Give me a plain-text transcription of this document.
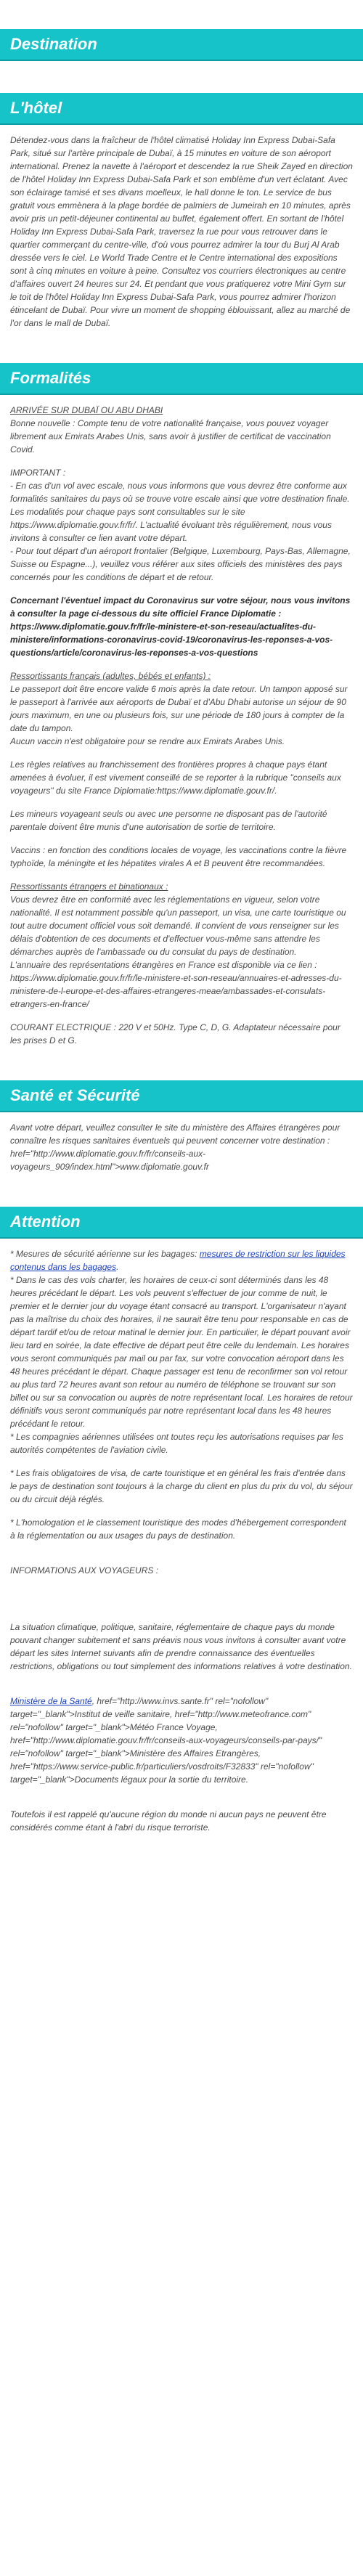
Destination
L'hôtel

Détendez-vous dans la fraîcheur de l'hôtel climatisé Holiday Inn Express Dubai-Safa Park, situé sur l'artère principale de Dubaï, à 15 minutes en voiture de son aéroport international. Prenez la navette à l'aéroport et descendez la rue Sheik Zayed en direction de l'hôtel Holiday Inn Express Dubai-Safa Park et son emblème d'un vert éclatant. Avec son éclairage tamisé et ses divans moelleux, le hall donne le ton. Le service de bus gratuit vous emmènera à la plage bordée de palmiers de Jumeirah en 10 minutes, après avoir pris un petit-déjeuner continental au buffet, également offert. En sortant de l'hôtel Holiday Inn Express Dubai-Safa Park, traversez la rue pour vous retrouver dans le quartier commerçant du centre-ville, d'où vous pourrez admirer la tour du Burj Al Arab dressée vers le ciel. Le World Trade Centre et le Centre international des expositions sont à cinq minutes en voiture à peine. Consultez vos courriers électroniques au centre d'affaires ouvert 24 heures sur 24. Et pendant que vous pratiquerez votre Mini Gym sur le toit de l'hôtel Holiday Inn Express Dubai-Safa Park, vous pourrez admirer l'horizon étincelant de Dubaï. Pour vivre un moment de shopping éblouissant, allez au marché de l'or dans le mall de Dubaï.

Formalités

ARRIVÉE SUR DUBAÏ OU ABU DHABI
Bonne nouvelle : Compte tenu de votre nationalité française, vous pouvez voyager librement aux Emirats Arabes Unis, sans avoir à justifier de certificat de vaccination Covid.

IMPORTANT :
- En cas d'un vol avec escale, nous vous informons que vous devrez être conforme aux formalités sanitaires du pays où se trouve votre escale ainsi que votre destination finale.
Les modalités pour chaque pays sont consultables sur le site https://www.diplomatie.gouv.fr/fr/. L'actualité évoluant très régulièrement, nous vous invitons à consulter ce lien avant votre départ.
- Pour tout départ d'un aéroport frontalier (Belgique, Luxembourg, Pays-Bas, Allemagne, Suisse ou Espagne...), veuillez vous référer aux sites officiels des ministères des pays concernés pour les conditions de départ et de retour.

Concernant l'éventuel impact du Coronavirus sur votre séjour, nous vous invitons à consulter la page ci-dessous du site officiel France Diplomatie : https://www.diplomatie.gouv.fr/fr/le-ministere-et-son-reseau/actualites-du-ministere/informations-coronavirus-covid-19/coronavirus-les-reponses-a-vos-questions/article/coronavirus-les-reponses-a-vos-questions

Ressortissants français (adultes, bébés et enfants) :
Le passeport doit être encore valide 6 mois après la date retour. Un tampon apposé sur le passeport à l'arrivée aux aéroports de Dubaï et d'Abu Dhabi autorise un séjour de 90 jours maximum, en une ou plusieurs fois, sur une période de 180 jours à compter de la date du tampon.
Aucun vaccin n'est obligatoire pour se rendre aux Emirats Arabes Unis.

Les règles relatives au franchissement des frontières propres à chaque pays étant amenées à évoluer, il est vivement conseillé de se reporter à la rubrique "conseils aux voyageurs" du site France Diplomatie:https://www.diplomatie.gouv.fr/.

Les mineurs voyageant seuls ou avec une personne ne disposant pas de l'autorité parentale doivent être munis d'une autorisation de sortie de territoire.

Vaccins : en fonction des conditions locales de voyage, les vaccinations contre la fièvre typhoïde, la méningite et les hépatites virales A et B peuvent être recommandées.

Ressortissants étrangers et binationaux :
Vous devrez être en conformité avec les réglementations en vigueur, selon votre nationalité. Il est notamment possible qu'un passeport, un visa, une carte touristique ou tout autre document officiel vous soit demandé. Il convient de vous renseigner sur les délais d'obtention de ces documents et d'effectuer vous-même sans attendre les démarches auprès de l'ambassade ou du consulat du pays de destination.
L'annuaire des représentations étrangères en France est disponible via ce lien : https://www.diplomatie.gouv.fr/fr/le-ministere-et-son-reseau/annuaires-et-adresses-du-ministere-de-l-europe-et-des-affaires-etrangeres-meae/ambassades-et-consulats-etrangers-en-france/

COURANT ELECTRIQUE : 220 V et 50Hz. Type C, D, G. Adaptateur nécessaire pour les prises D et G.

Santé et Sécurité

Avant votre départ, veuillez consulter le site du ministère des Affaires étrangères pour connaître les risques sanitaires éventuels qui peuvent concerner votre destination : href="http://www.diplomatie.gouv.fr/fr/conseils-aux-voyageurs_909/index.html">www.diplomatie.gouv.fr

Attention

* Mesures de sécurité aérienne sur les bagages: mesures de restriction sur les liquides contenus dans les bagages.
* Dans le cas des vols charter, les horaires de ceux-ci sont déterminés dans les 48 heures précédant le départ. Les vols peuvent s'effectuer de jour comme de nuit, le premier et le dernier jour du voyage étant consacré au transport. L'organisateur n'ayant pas la maîtrise du choix des horaires, il ne saurait être tenu pour responsable en cas de départ tardif et/ou de retour matinal le dernier jour. En particulier, le départ pouvant avoir lieu tard en soirée, la date effective de départ peut être celle du lendemain. Les horaires vous seront communiqués par mail ou par fax, sur votre convocation aéroport dans les 48 heures précédant le départ. Chaque passager est tenu de reconfirmer son vol retour au plus tard 72 heures avant son retour au numéro de téléphone se trouvant sur son billet ou sur sa convocation ou auprès de notre représentant local. Les horaires de retour définitifs vous seront communiqués par notre représentant local dans les 48 heures précédant le retour.
* Les compagnies aériennes utilisées ont toutes reçu les autorisations requises par les autorités compétentes de l'aviation civile.

* Les frais obligatoires de visa, de carte touristique et en général les frais d'entrée dans le pays de destination sont toujours à la charge du client en plus du prix du vol, du séjour ou du circuit déjà réglés.

* L'homologation et le classement touristique des modes d'hébergement correspondent à la réglementation ou aux usages du pays de destination.

INFORMATIONS AUX VOYAGEURS :

La situation climatique, politique, sanitaire, réglementaire de chaque pays du monde pouvant changer subitement et sans préavis nous vous invitons à consulter avant votre départ les sites Internet suivants afin de prendre connaissance des éventuelles restrictions, obligations ou tout simplement des informations relatives à votre destination.

Ministère de la Santé, href="http://www.invs.sante.fr" rel="nofollow" target="_blank">Institut de veille sanitaire, href="http://www.meteofrance.com" rel="nofollow" target="_blank">Météo France Voyage, href="http://www.diplomatie.gouv.fr/fr/conseils-aux-voyageurs/conseils-par-pays/" rel="nofollow" target="_blank">Ministère des Affaires Etrangères, href="https://www.service-public.fr/particuliers/vosdroits/F32833" rel="nofollow" target="_blank">Documents légaux pour la sortie du territoire.

Toutefois il est rappelé qu'aucune région du monde ni aucun pays ne peuvent être considérés comme étant à l'abri du risque terroriste.
